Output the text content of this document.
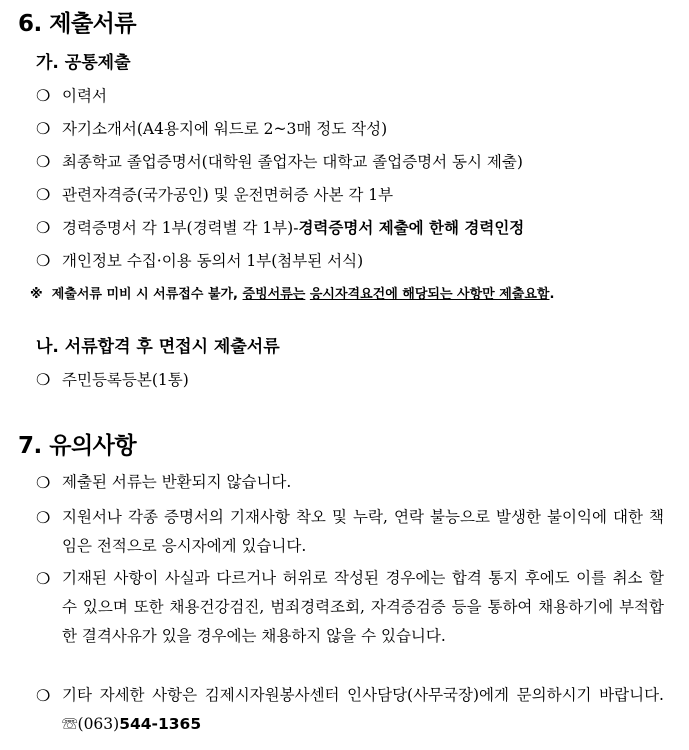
6. 제출서류
가. 공통제출
❍ 이력서
❍ 자기소개서(A4용지에 워드로 2~3매 정도 작성)
❍ 최종학교 졸업증명서(대학원 졸업자는 대학교 졸업증명서 동시 제출)
❍ 관련자격증(국가공인) 및 운전면허증 사본 각 1부
❍ 경력증명서 각 1부(경력별 각 1부)-경력증명서 제출에 한해 경력인정
❍ 개인정보 수집·이용 동의서 1부(첨부된 서식)
※ 제출서류 미비 시 서류접수 불가, 증빙서류는 응시자격요건에 해당되는 사항만 제출요함.
나. 서류합격 후 면접시 제출서류
❍ 주민등록등본(1통)
7. 유의사항
❍ 제출된 서류는 반환되지 않습니다.
❍ 지원서나 각종 증명서의 기재사항 착오 및 누락, 연락 불능으로 발생한 불이익에 대한 책임은 전적으로 응시자에게 있습니다.
❍ 기재된 사항이 사실과 다르거나 허위로 작성된 경우에는 합격 통지 후에도 이를 취소 할 수 있으며 또한 채용건강검진, 범죄경력조회, 자격증검증 등을 통하여 채용하기에 부적합한 결격사유가 있을 경우에는 채용하지 않을 수 있습니다.
❍ 기타 자세한 사항은 김제시자원봉사센터 인사담당(사무국장)에게 문의하시기 바랍니다. ☏(063)544-1365
